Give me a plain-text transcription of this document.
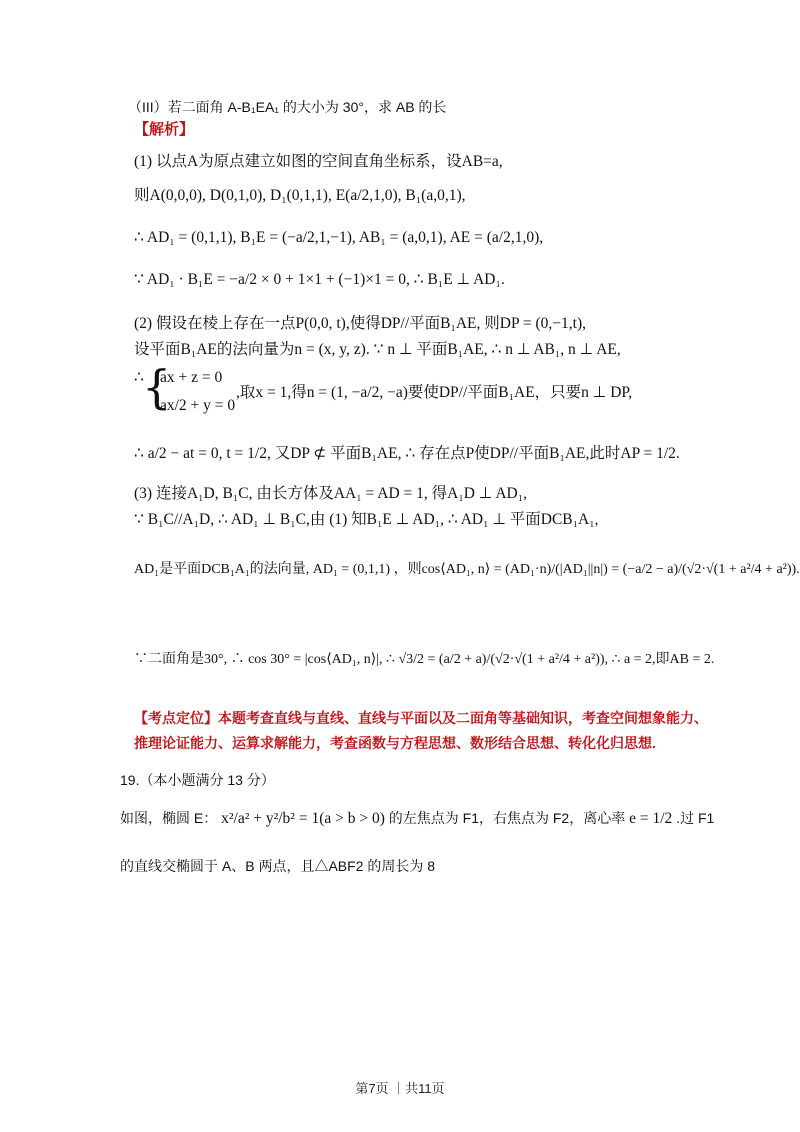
（III）若二面角 A-B₁EA₁ 的大小为 30°，求 AB 的长
【解析】
(1) 以点A为原点建立如图的空间直角坐标系，设AB=a,
则A(0,0,0), D(0,1,0), D₁(0,1,1), E(a/2,1,0), B₁(a,0,1),
∴ AD₁ = (0,1,1), B₁E = (−a/2,1,−1), AB₁ = (a,0,1), AE = (a/2,1,0),
∵ AD₁ · B₁E = −a/2 × 0 + 1×1 + (−1)×1 = 0, ∴ B₁E ⊥ AD₁.
(2) 假设在棱上存在一点P(0,0, t),使得DP//平面B₁AE, 则DP = (0,−1,t),
设平面B₁AE的法向量为n = (x, y, z). ∵ n ⊥ 平面B₁AE, ∴ n ⊥ AB₁, n ⊥ AE,
∴
{
ax + z = 0
ax/2 + y = 0
,取x = 1,得n = (1, −a/2, −a)要使DP//平面B₁AE，只要n ⊥ DP,
∴ a/2 − at = 0, t = 1/2, 又DP ⊄ 平面B₁AE, ∴ 存在点P使DP//平面B₁AE,此时AP = 1/2.
(3) 连接A₁D, B₁C, 由长方体及AA₁ = AD = 1, 得A₁D ⊥ AD₁,
∵ B₁C//A₁D, ∴ AD₁ ⊥ B₁C,由 (1) 知B₁E ⊥ AD₁, ∴ AD₁ ⊥ 平面DCB₁A₁,
AD₁是平面DCB₁A₁的法向量, AD₁ = (0,1,1) ，则cos⟨AD₁, n⟩ = (AD₁·n)/(|AD₁||n|) = (−a/2 − a)/(√2·√(1 + a²/4 + a²)).
∵二面角是30°, ∴ cos 30° = |cos⟨AD₁, n⟩|, ∴ √3/2 = (a/2 + a)/(√2·√(1 + a²/4 + a²)), ∴ a = 2,即AB = 2.
【考点定位】本题考查直线与直线、直线与平面以及二面角等基础知识，考查空间想象能力、
推理论证能力、运算求解能力，考查函数与方程思想、数形结合思想、转化化归思想.
19.（本小题满分 13 分）
如图，椭圆 E： x²/a² + y²/b² = 1(a > b > 0) 的左焦点为 F1，右焦点为 F2，离心率 e = 1/2 .过 F1
的直线交椭圆于 A、B 两点，且△ABF2 的周长为 8
第7页 ｜共11页
